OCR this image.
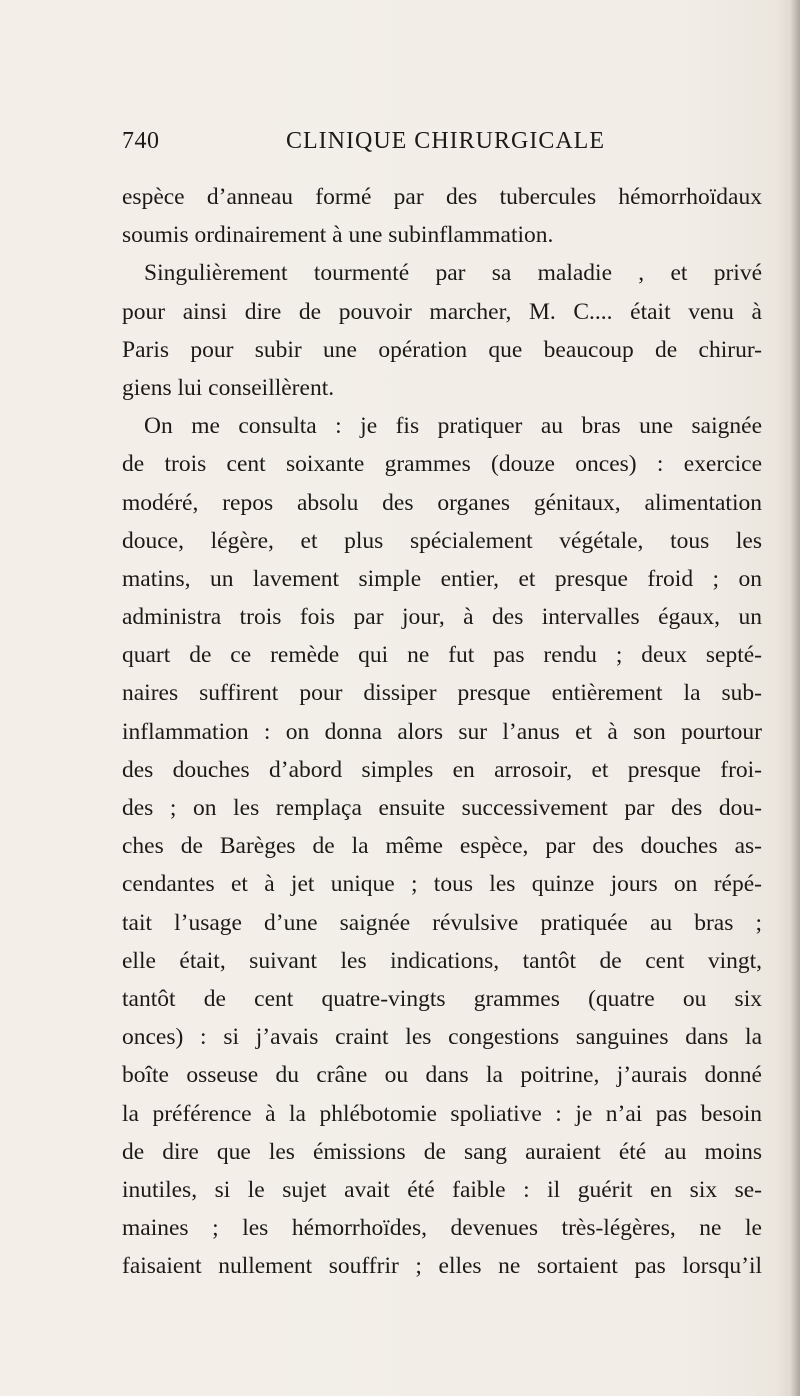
740	CLINIQUE CHIRURGICALE
espèce d’anneau formé par des tubercules hémorrhoïdaux
soumis ordinairement à une subinflammation.
Singulièrement tourmenté par sa maladie , et privé
pour ainsi dire de pouvoir marcher, M. C.... était venu à
Paris pour subir une opération que beaucoup de chirur-
giens lui conseillèrent.
On me consulta : je fis pratiquer au bras une saignée
de trois cent soixante grammes (douze onces) : exercice
modéré, repos absolu des organes génitaux, alimentation
douce, légère, et plus spécialement végétale, tous les
matins, un lavement simple entier, et presque froid ; on
administra trois fois par jour, à des intervalles égaux, un
quart de ce remède qui ne fut pas rendu ; deux septé-
naires suffirent pour dissiper presque entièrement la sub-
inflammation : on donna alors sur l’anus et à son pourtour
des douches d’abord simples en arrosoir, et presque froi-
des ; on les remplaça ensuite successivement par des dou-
ches de Barèges de la même espèce, par des douches as-
cendantes et à jet unique ; tous les quinze jours on répé-
tait l’usage d’une saignée révulsive pratiquée au bras ;
elle était, suivant les indications, tantôt de cent vingt,
tantôt de cent quatre-vingts grammes (quatre ou six
onces) : si j’avais craint les congestions sanguines dans la
boîte osseuse du crâne ou dans la poitrine, j’aurais donné
la préférence à la phlébotomie spoliative : je n’ai pas besoin
de dire que les émissions de sang auraient été au moins
inutiles, si le sujet avait été faible : il guérit en six se-
maines ; les hémorrhoïdes, devenues très-légères, ne le
faisaient nullement souffrir ; elles ne sortaient pas lorsqu’il
